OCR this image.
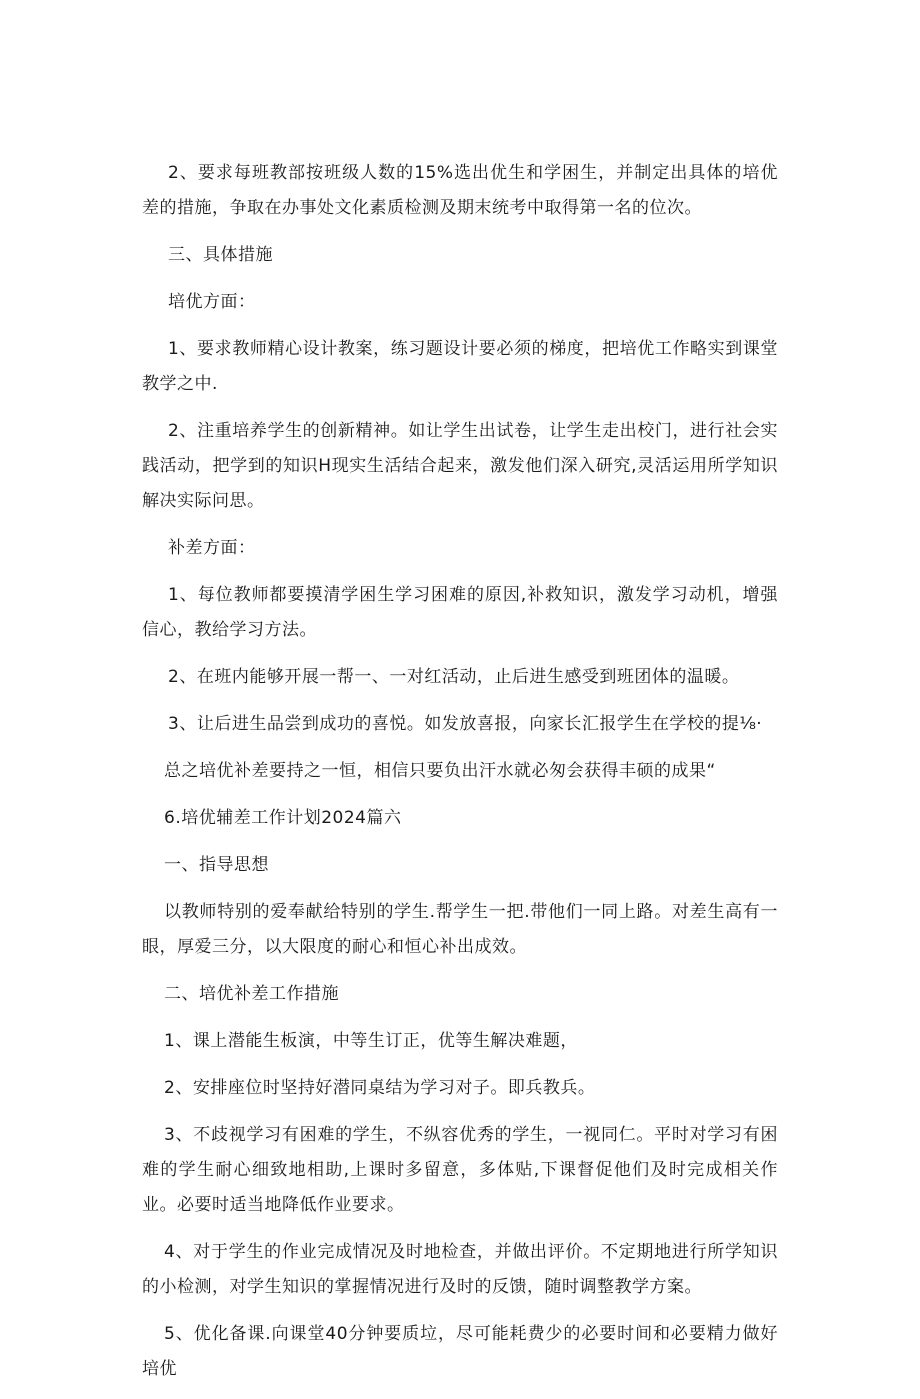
2、要求每班教部按班级人数的15%选出优生和学困生，并制定出具体的培优差的措施，争取在办事处文化素质检测及期末统考中取得第一名的位次。

三、具体措施

培优方面：

1、要求教师精心设计教案，练习题设计要必须的梯度，把培优工作略实到课堂教学之中.

2、注重培养学生的创新精神。如让学生出试卷，让学生走出校门，进行社会实践活动，把学到的知识H现实生活结合起来，激发他们深入研究,灵活运用所学知识解决实际问思。

补差方面：

1、每位教师都要摸清学困生学习困难的原因,补救知识，激发学习动机，增强信心，教给学习方法。

2、在班内能够开展一帮一、一对红活动，止后进生感受到班团体的温暖。

3、让后进生品尝到成功的喜悦。如发放喜报，向家长汇报学生在学校的提⅛·

总之培优补差要持之一恒，相信只要负出汗水就必匆会获得丰硕的成果“

6.培优辅差工作计划2024篇六

一、指导思想

以教师特别的爱奉献给特别的学生.帮学生一把.带他们一同上路。对差生高有一眼，厚爱三分，以大限度的耐心和恒心补出成效。

二、培优补差工作措施

1、课上潜能生板演，中等生订正，优等生解决难题，

2、安排座位时坚持好潜同桌结为学习对子。即兵教兵。

3、不歧视学习有困难的学生，不纵容优秀的学生，一视同仁。平时对学习有困难的学生耐心细致地相助,上课时多留意，多体贴,下课督促他们及时完成相关作业。必要时适当地降低作业要求。

4、对于学生的作业完成情况及时地检查，并做出评价。不定期地进行所学知识的小检测，对学生知识的掌握情况进行及时的反馈，随时调整教学方案。

5、优化备课.向课堂40分钟要质垃，尽可能耗费少的必要时间和必要精力做好培优
